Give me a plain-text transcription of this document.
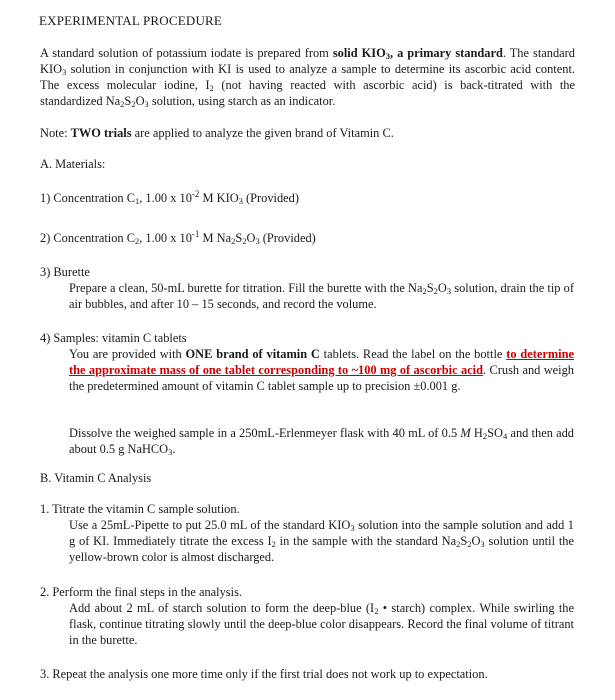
EXPERIMENTAL PROCEDURE

A standard solution of potassium iodate is prepared from solid $KIO_3$, a primary standard. The standard $KIO_3$ solution in conjunction with KI is used to analyze a sample to determine its ascorbic acid content. The excess molecular iodine, $I_2$ (not having reacted with ascorbic acid) is back-titrated with the standardized $Na_2S_2O_3$ solution, using starch as an indicator.

Note: TWO trials are applied to analyze the given brand of Vitamin C.

A. Materials:

1) Concentration $C_1$, 1.00 x $10^{-2}$ M $KIO_3$ (Provided)

2) Concentration $C_2$, 1.00 x $10^{-1}$ M $Na_2S_2O_3$ (Provided)

3) Burette

Prepare a clean, 50-mL burette for titration. Fill the burette with the $Na_2S_2O_3$ solution, drain the tip of air bubbles, and after 10 – 15 seconds, and record the volume.

4) Samples: vitamin C tablets

You are provided with ONE brand of vitamin C tablets. Read the label on the bottle to determine the approximate mass of one tablet corresponding to ~100 mg of ascorbic acid. Crush and weigh the predetermined amount of vitamin C tablet sample up to precision ±0.001 g.

Dissolve the weighed sample in a 250mL-Erlenmeyer flask with 40 mL of 0.5 M $H_2SO_4$ and then add about 0.5 g NaHCO$_3$.

B. Vitamin C Analysis

1. Titrate the vitamin C sample solution.

Use a 25mL-Pipette to put 25.0 mL of the standard $KIO_3$ solution into the sample solution and add 1 g of KI. Immediately titrate the excess $I_2$ in the sample with the standard $Na_2S_2O_3$ solution until the yellow-brown color is almost discharged.

2. Perform the final steps in the analysis.

Add about 2 mL of starch solution to form the deep-blue ($I_2$ • starch) complex. While swirling the flask, continue titrating slowly until the deep-blue color disappears. Record the final volume of titrant in the burette.

3. Repeat the analysis one more time only if the first trial does not work up to expectation.
